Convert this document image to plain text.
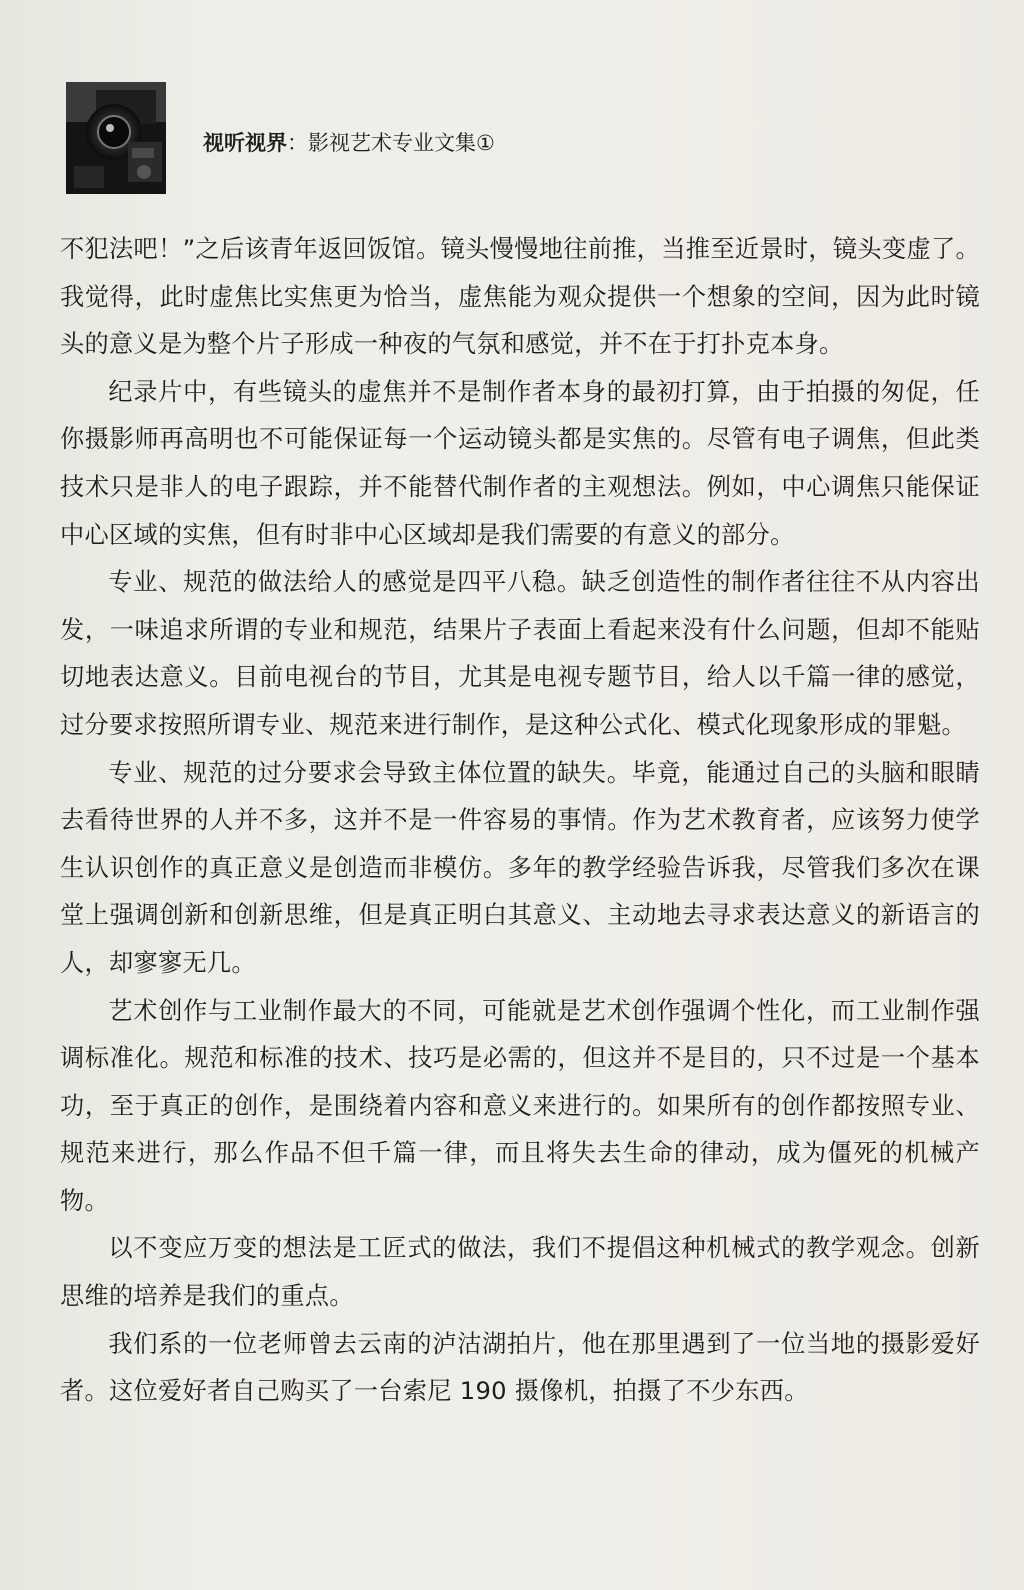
视听视界：影视艺术专业文集①

不犯法吧！”之后该青年返回饭馆。镜头慢慢地往前推，当推至近景时，镜头变虚了。我觉得，此时虚焦比实焦更为恰当，虚焦能为观众提供一个想象的空间，因为此时镜头的意义是为整个片子形成一种夜的气氛和感觉，并不在于打扑克本身。

纪录片中，有些镜头的虚焦并不是制作者本身的最初打算，由于拍摄的匆促，任你摄影师再高明也不可能保证每一个运动镜头都是实焦的。尽管有电子调焦，但此类技术只是非人的电子跟踪，并不能替代制作者的主观想法。例如，中心调焦只能保证中心区域的实焦，但有时非中心区域却是我们需要的有意义的部分。

专业、规范的做法给人的感觉是四平八稳。缺乏创造性的制作者往往不从内容出发，一味追求所谓的专业和规范，结果片子表面上看起来没有什么问题，但却不能贴切地表达意义。目前电视台的节目，尤其是电视专题节目，给人以千篇一律的感觉，过分要求按照所谓专业、规范来进行制作，是这种公式化、模式化现象形成的罪魁。

专业、规范的过分要求会导致主体位置的缺失。毕竟，能通过自己的头脑和眼睛去看待世界的人并不多，这并不是一件容易的事情。作为艺术教育者，应该努力使学生认识创作的真正意义是创造而非模仿。多年的教学经验告诉我，尽管我们多次在课堂上强调创新和创新思维，但是真正明白其意义、主动地去寻求表达意义的新语言的人，却寥寥无几。

艺术创作与工业制作最大的不同，可能就是艺术创作强调个性化，而工业制作强调标准化。规范和标准的技术、技巧是必需的，但这并不是目的，只不过是一个基本功，至于真正的创作，是围绕着内容和意义来进行的。如果所有的创作都按照专业、规范来进行，那么作品不但千篇一律，而且将失去生命的律动，成为僵死的机械产物。

以不变应万变的想法是工匠式的做法，我们不提倡这种机械式的教学观念。创新思维的培养是我们的重点。

我们系的一位老师曾去云南的泸沽湖拍片，他在那里遇到了一位当地的摄影爱好者。这位爱好者自己购买了一台索尼 190 摄像机，拍摄了不少东西。
